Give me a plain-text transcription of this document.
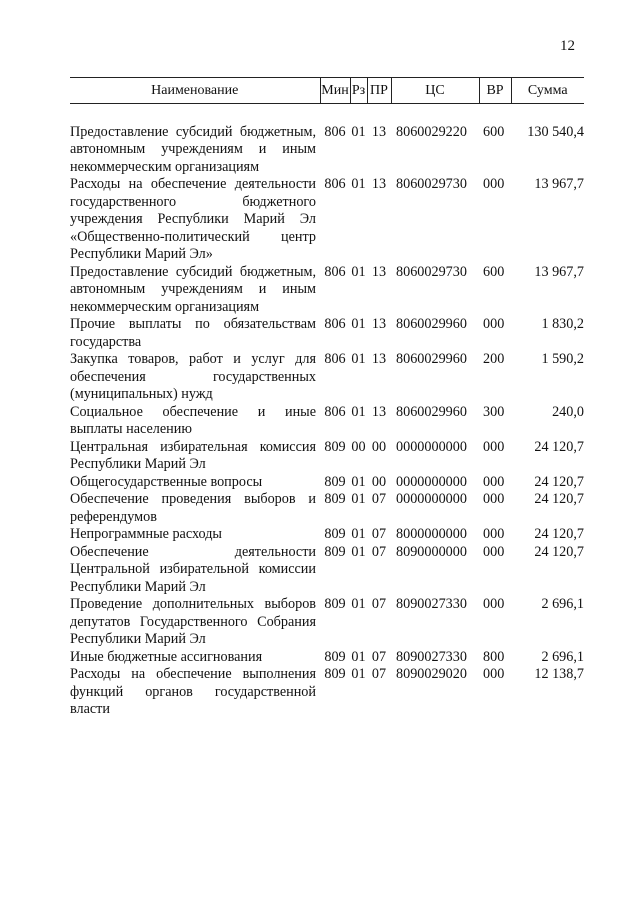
12
Наименование	Мин	Рз	ПР	ЦС	ВР	Сумма

Предоставление субсидий бюджетным, автономным учреждениям и иным некоммерческим организациям	806	01	13	8060029220	600	130 540,4
Расходы на обеспечение деятельности государственного бюджетного учреждения Республики Марий Эл «Общественно-политический центр Республики Марий Эл»	806	01	13	8060029730	000	13 967,7
Предоставление субсидий бюджетным, автономным учреждениям и иным некоммерческим организациям	806	01	13	8060029730	600	13 967,7
Прочие выплаты по обязательствам государства	806	01	13	8060029960	000	1 830,2
Закупка товаров, работ и услуг для обеспечения государственных (муниципальных) нужд	806	01	13	8060029960	200	1 590,2
Социальное обеспечение и иные выплаты населению	806	01	13	8060029960	300	240,0
Центральная избирательная комиссия Республики Марий Эл	809	00	00	0000000000	000	24 120,7
Общегосударственные вопросы	809	01	00	0000000000	000	24 120,7
Обеспечение проведения выборов и референдумов	809	01	07	0000000000	000	24 120,7
Непрограммные расходы	809	01	07	8000000000	000	24 120,7
Обеспечение деятельности Центральной избирательной комиссии Республики Марий Эл	809	01	07	8090000000	000	24 120,7
Проведение дополнительных выборов депутатов Государственного Собрания Республики Марий Эл	809	01	07	8090027330	000	2 696,1
Иные бюджетные ассигнования	809	01	07	8090027330	800	2 696,1
Расходы на обеспечение выполнения функций органов государственной власти	809	01	07	8090029020	000	12 138,7
